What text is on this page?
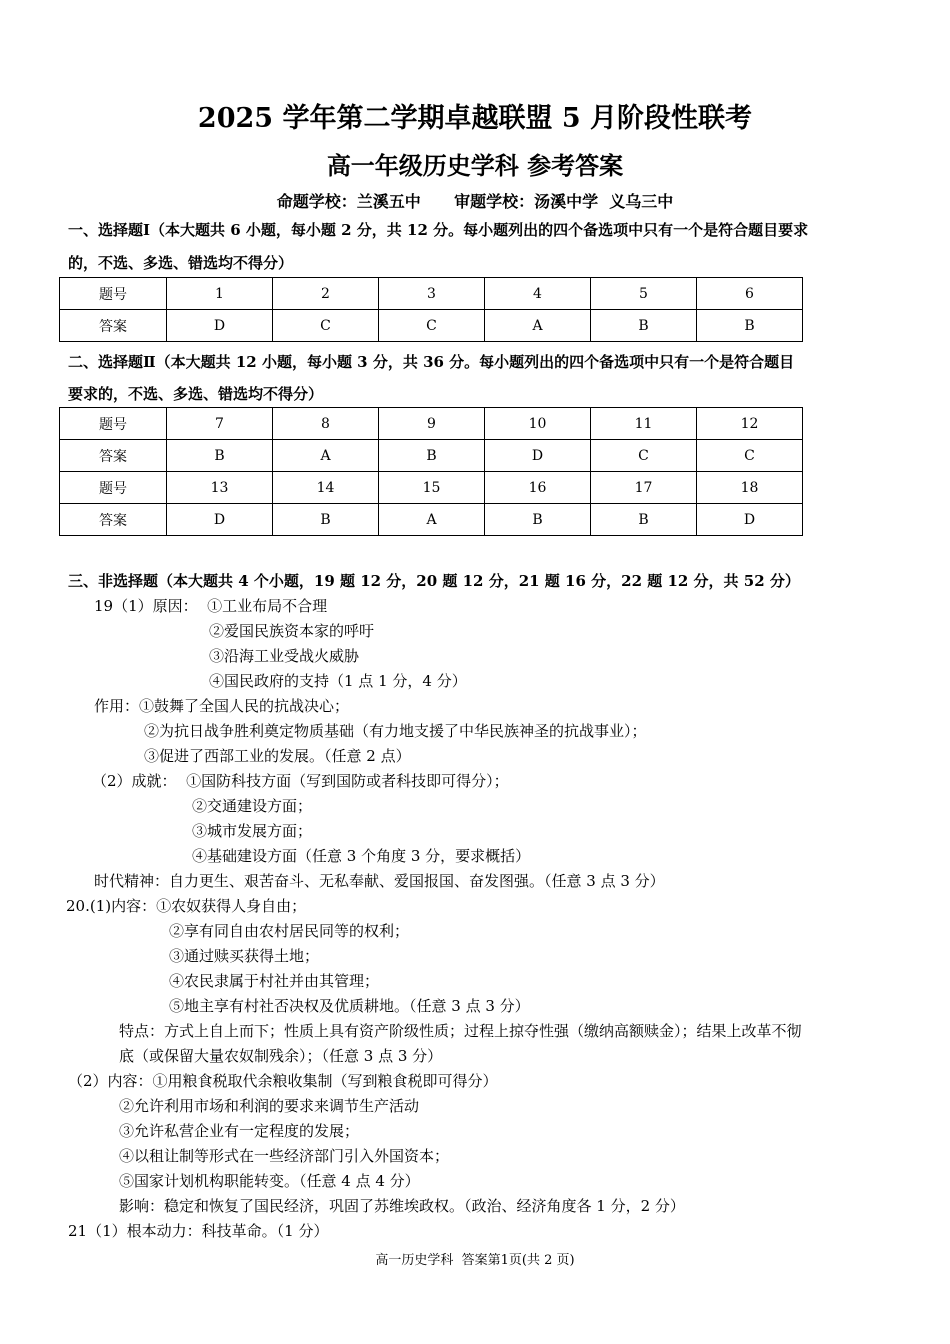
2025 学年第二学期卓越联盟 5 月阶段性联考
高一年级历史学科 参考答案
命题学校：兰溪五中      审题学校：汤溪中学  义乌三中
一、选择题Ⅰ（本大题共 6 小题，每小题 2 分，共 12 分。每小题列出的四个备选项中只有一个是符合题目要求
的，不选、多选、错选均不得分）
题号	1	2	3	4	5	6
答案	D	C	C	A	B	B
二、选择题Ⅱ（本大题共 12 小题，每小题 3 分，共 36 分。每小题列出的四个备选项中只有一个是符合题目
要求的，不选、多选、错选均不得分）
题号	7	8	9	10	11	12
答案	B	A	B	D	C	C
题号	13	14	15	16	17	18
答案	D	B	A	B	B	D
三、非选择题（本大题共 4 个小题，19 题 12 分，20 题 12 分，21 题 16 分，22 题 12 分，共 52 分）
19（1）原因：  ①工业布局不合理
②爱国民族资本家的呼吁
③沿海工业受战火威胁
④国民政府的支持（1 点 1 分，4 分）
作用：①鼓舞了全国人民的抗战决心；
②为抗日战争胜利奠定物质基础（有力地支援了中华民族神圣的抗战事业）；
③促进了西部工业的发展。（任意 2 点）
（2）成就：  ①国防科技方面（写到国防或者科技即可得分）；
②交通建设方面；
③城市发展方面；
④基础建设方面（任意 3 个角度 3 分，要求概括）
时代精神：自力更生、艰苦奋斗、无私奉献、爱国报国、奋发图强。（任意 3 点 3 分）
20.(1)内容：①农奴获得人身自由；
②享有同自由农村居民同等的权利；
③通过赎买获得土地；
④农民隶属于村社并由其管理；
⑤地主享有村社否决权及优质耕地。（任意 3 点 3 分）
特点：方式上自上而下；性质上具有资产阶级性质；过程上掠夺性强（缴纳高额赎金）；结果上改革不彻
底（或保留大量农奴制残余）；（任意 3 点 3 分）
（2）内容：①用粮食税取代余粮收集制（写到粮食税即可得分）
②允许利用市场和利润的要求来调节生产活动
③允许私营企业有一定程度的发展；
④以租让制等形式在一些经济部门引入外国资本；
⑤国家计划机构职能转变。（任意 4 点 4 分）
影响：稳定和恢复了国民经济，巩固了苏维埃政权。（政治、经济角度各 1 分，2 分）
21（1）根本动力：科技革命。（1 分）
高一历史学科  答案第1页(共 2 页)
